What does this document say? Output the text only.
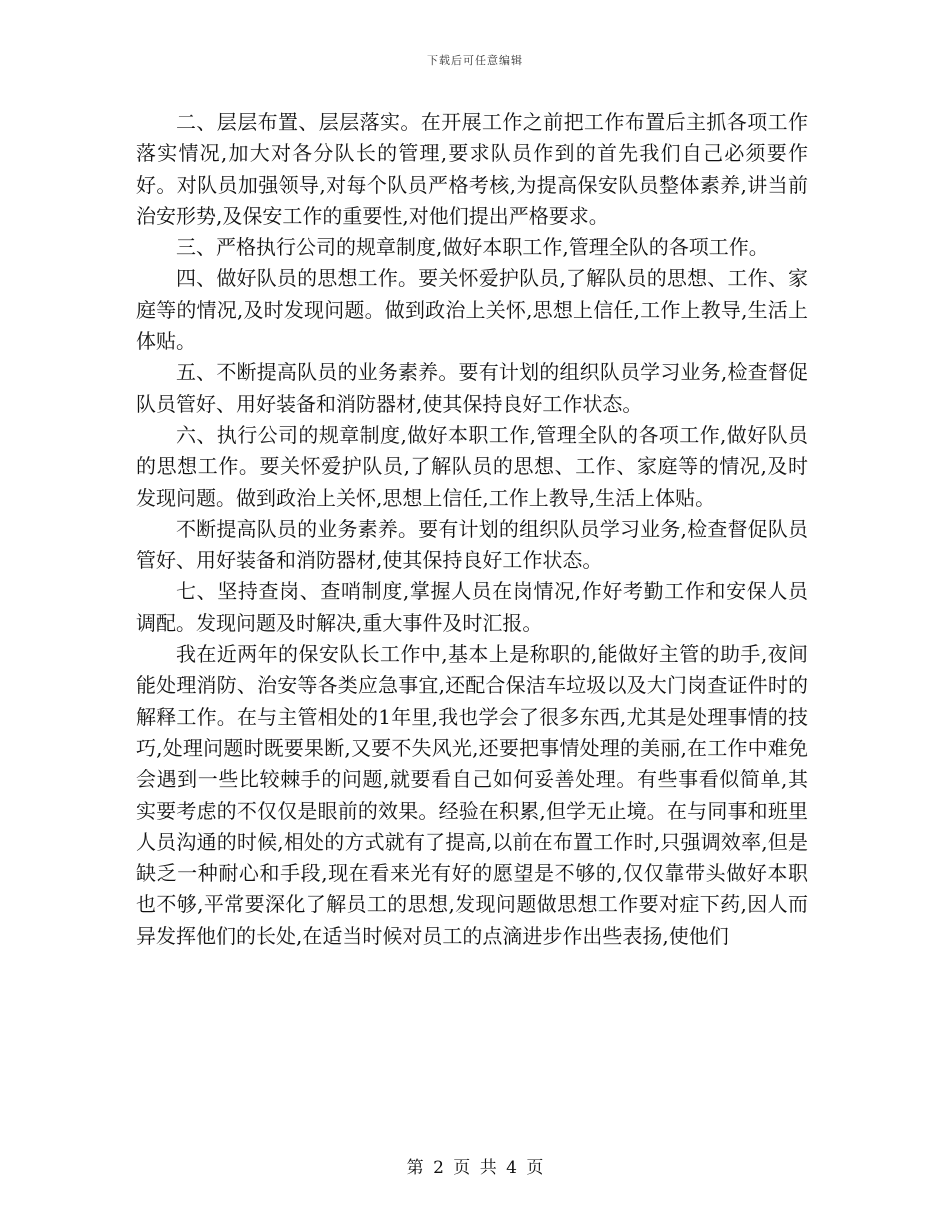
下载后可任意编辑

二、层层布置、层层落实。在开展工作之前把工作布置后主抓各项工作落实情况,加大对各分队长的管理,要求队员作到的首先我们自己必须要作好。对队员加强领导,对每个队员严格考核,为提高保安队员整体素养,讲当前治安形势,及保安工作的重要性,对他们提出严格要求。

三、严格执行公司的规章制度,做好本职工作,管理全队的各项工作。

四、做好队员的思想工作。要关怀爱护队员,了解队员的思想、工作、家庭等的情况,及时发现问题。做到政治上关怀,思想上信任,工作上教导,生活上体贴。

五、不断提高队员的业务素养。要有计划的组织队员学习业务,检查督促队员管好、用好装备和消防器材,使其保持良好工作状态。

六、执行公司的规章制度,做好本职工作,管理全队的各项工作,做好队员的思想工作。要关怀爱护队员,了解队员的思想、工作、家庭等的情况,及时发现问题。做到政治上关怀,思想上信任,工作上教导,生活上体贴。

不断提高队员的业务素养。要有计划的组织队员学习业务,检查督促队员管好、用好装备和消防器材,使其保持良好工作状态。

七、坚持查岗、查哨制度,掌握人员在岗情况,作好考勤工作和安保人员调配。发现问题及时解决,重大事件及时汇报。

我在近两年的保安队长工作中,基本上是称职的,能做好主管的助手,夜间能处理消防、治安等各类应急事宜,还配合保洁车垃圾以及大门岗查证件时的解释工作。在与主管相处的1年里,我也学会了很多东西,尤其是处理事情的技巧,处理问题时既要果断,又要不失风光,还要把事情处理的美丽,在工作中难免会遇到一些比较棘手的问题,就要看自己如何妥善处理。有些事看似简单,其实要考虑的不仅仅是眼前的效果。经验在积累,但学无止境。在与同事和班里人员沟通的时候,相处的方式就有了提高,以前在布置工作时,只强调效率,但是缺乏一种耐心和手段,现在看来光有好的愿望是不够的,仅仅靠带头做好本职也不够,平常要深化了解员工的思想,发现问题做思想工作要对症下药,因人而异发挥他们的长处,在适当时候对员工的点滴进步作出些表扬,使他们

第 2 页 共 4 页
